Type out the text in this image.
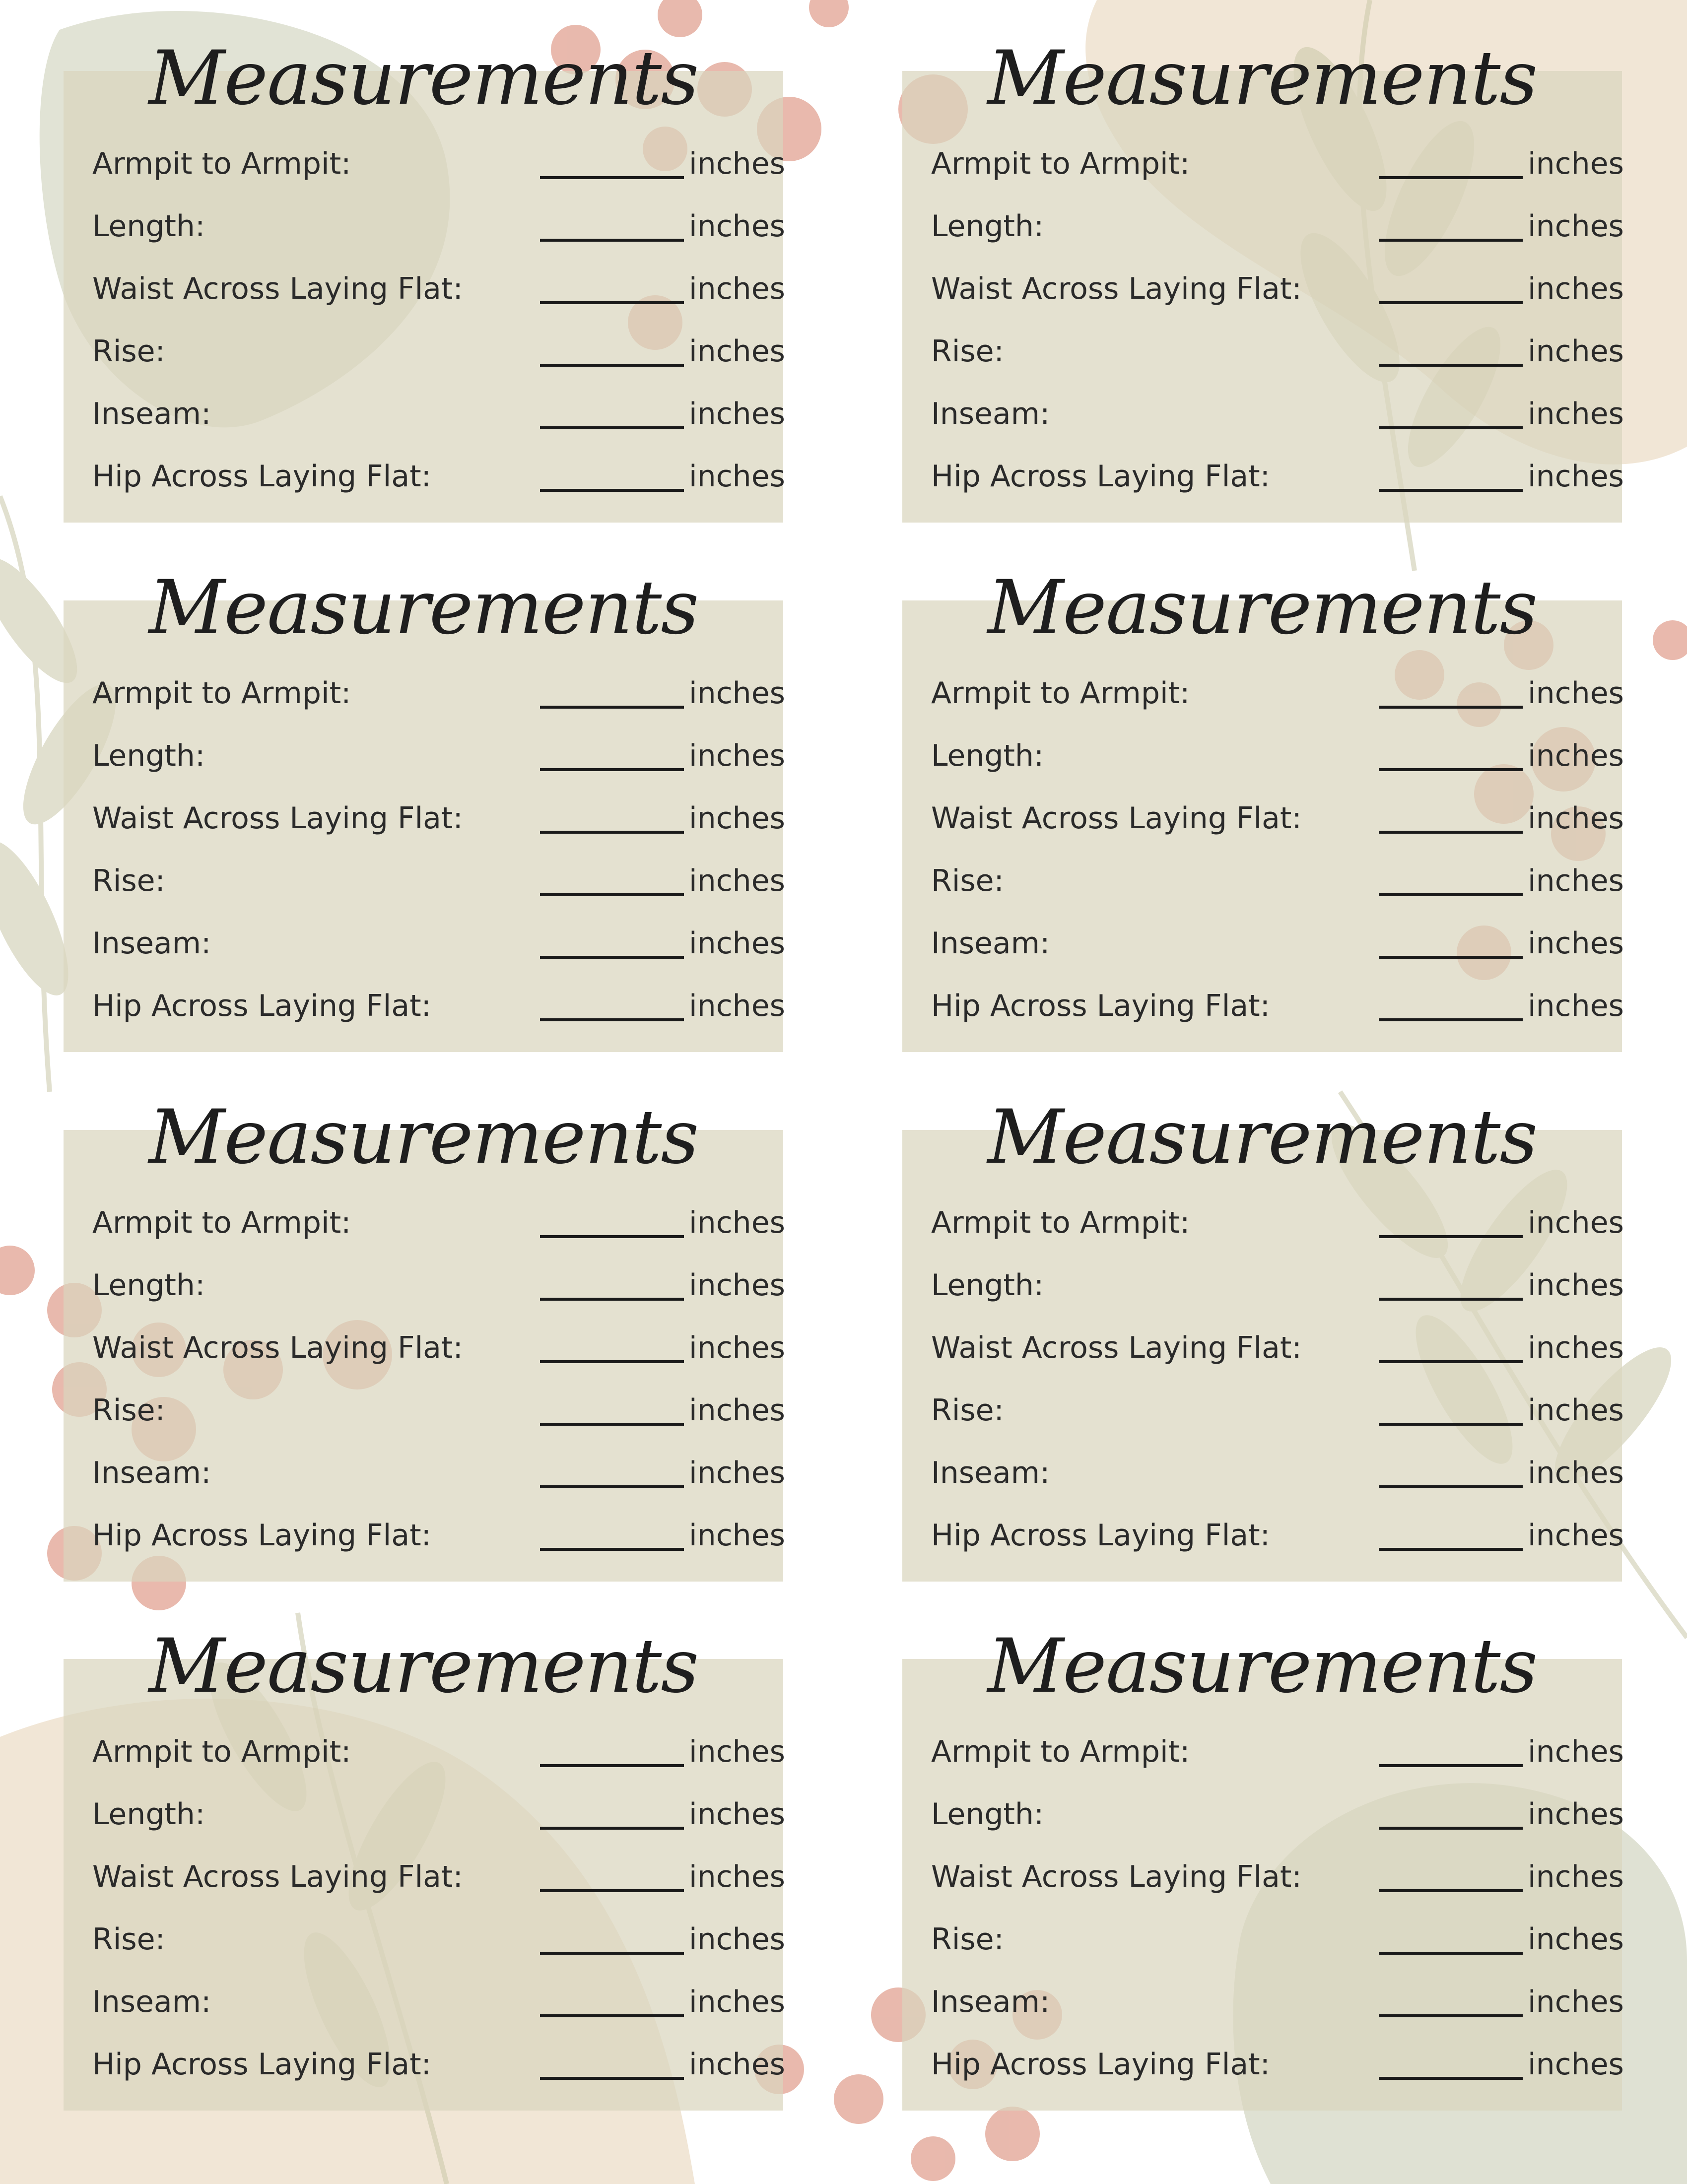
Measurements
Armpit to Armpit:	inches
Length:	inches
Waist Across Laying Flat:	inches
Rise:	inches
Inseam:	inches
Hip Across Laying Flat:	inches
Measurements
Armpit to Armpit:	inches
Length:	inches
Waist Across Laying Flat:	inches
Rise:	inches
Inseam:	inches
Hip Across Laying Flat:	inches
Measurements
Armpit to Armpit:	inches
Length:	inches
Waist Across Laying Flat:	inches
Rise:	inches
Inseam:	inches
Hip Across Laying Flat:	inches
Measurements
Armpit to Armpit:	inches
Length:	inches
Waist Across Laying Flat:	inches
Rise:	inches
Inseam:	inches
Hip Across Laying Flat:	inches
Measurements
Armpit to Armpit:	inches
Length:	inches
Waist Across Laying Flat:	inches
Rise:	inches
Inseam:	inches
Hip Across Laying Flat:	inches
Measurements
Armpit to Armpit:	inches
Length:	inches
Waist Across Laying Flat:	inches
Rise:	inches
Inseam:	inches
Hip Across Laying Flat:	inches
Measurements
Armpit to Armpit:	inches
Length:	inches
Waist Across Laying Flat:	inches
Rise:	inches
Inseam:	inches
Hip Across Laying Flat:	inches
Measurements
Armpit to Armpit:	inches
Length:	inches
Waist Across Laying Flat:	inches
Rise:	inches
Inseam:	inches
Hip Across Laying Flat:	inches
